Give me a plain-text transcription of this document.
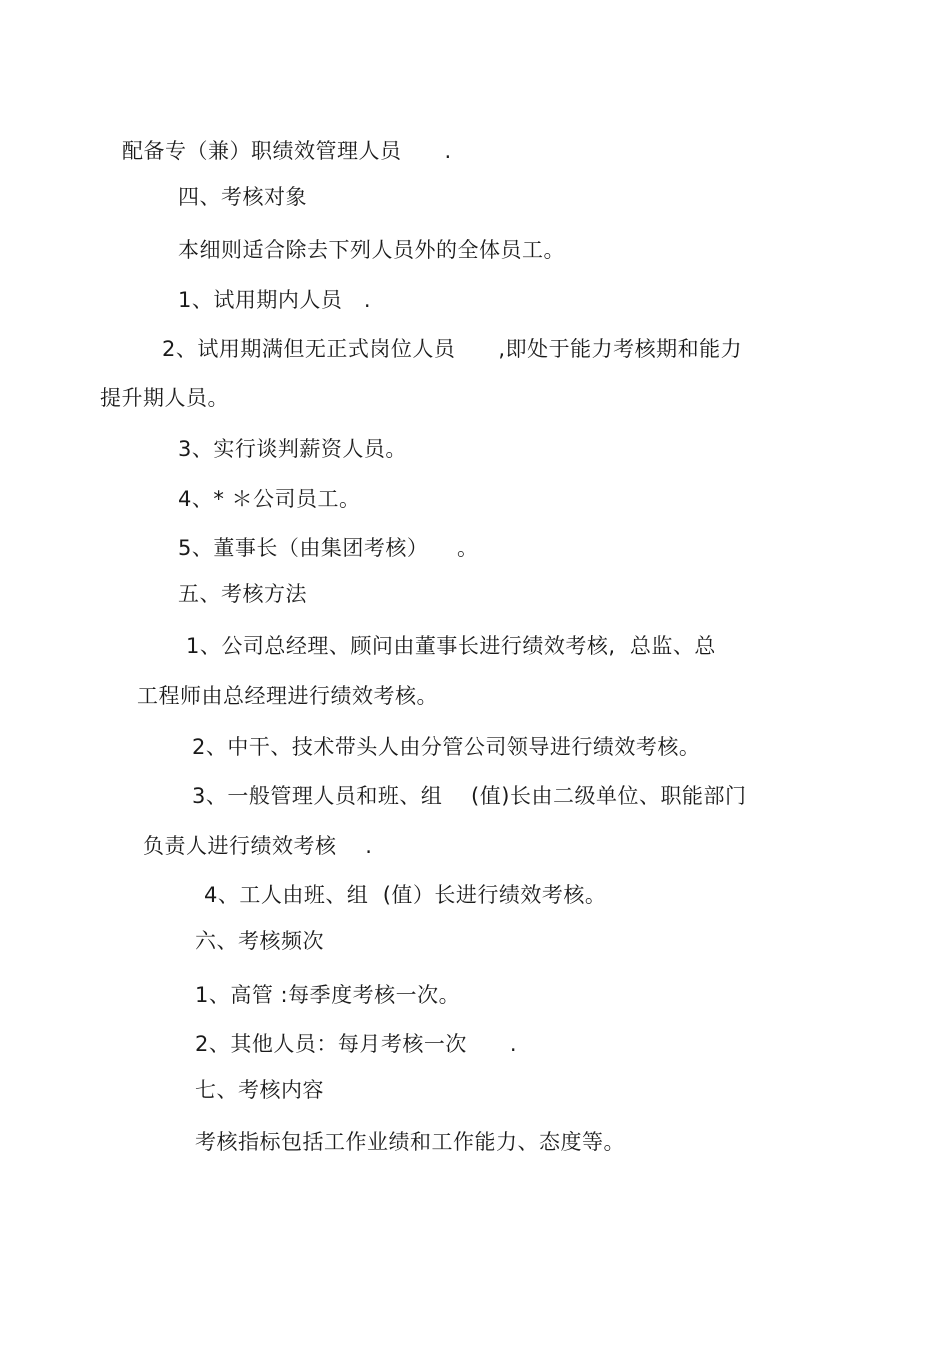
配备专（兼）职绩效管理人员      .
四、考核对象
本细则适合除去下列人员外的全体员工。
1、试用期内人员   .
2、试用期满但无正式岗位人员      ,即处于能力考核期和能力
提升期人员。
3、实行谈判薪资人员。
4、* ＊公司员工。
5、董事长（由集团考核）    。
五、考核方法
1、公司总经理、顾问由董事长进行绩效考核,  总监、总
工程师由总经理进行绩效考核。
2、中干、技术带头人由分管公司领导进行绩效考核。
3、一般管理人员和班、组    (值)长由二级单位、职能部门
负责人进行绩效考核    .
4、工人由班、组  (值）长进行绩效考核。
六、考核频次
1、高管 :每季度考核一次。
2、其他人员：每月考核一次      .
七、考核内容
考核指标包括工作业绩和工作能力、态度等。
